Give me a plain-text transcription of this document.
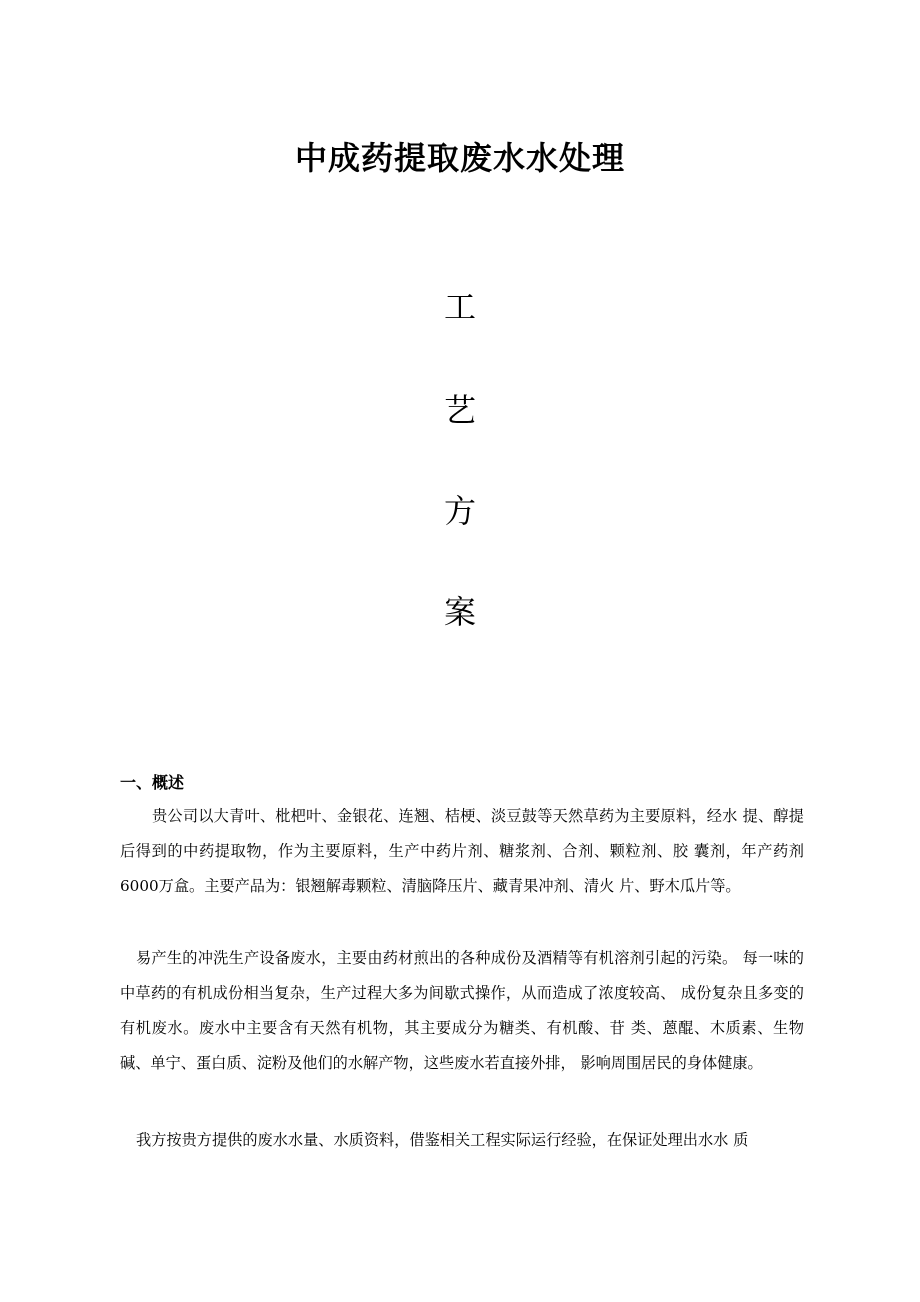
中成药提取废水水处理
工
艺
方
案
一、概述
贵公司以大青叶、枇杷叶、金银花、连翘、桔梗、淡豆鼓等天然草药为主要原料，经水 提、醇提后得到的中药提取物，作为主要原料，生产中药片剂、糖浆剂、合剂、颗粒剂、胶 囊剂，年产药剂6000万盒。主要产品为：银翘解毒颗粒、清脑降压片、藏青果冲剂、清火 片、野木瓜片等。
易产生的冲洗生产设备废水，主要由药材煎出的各种成份及酒精等有机溶剂引起的污染。 每一味的中草药的有机成份相当复杂，生产过程大多为间歇式操作，从而造成了浓度较高、 成份复杂且多变的有机废水。废水中主要含有天然有机物，其主要成分为糖类、有机酸、苷 类、蒽醌、木质素、生物碱、单宁、蛋白质、淀粉及他们的水解产物，这些废水若直接外排， 影响周围居民的身体健康。
我方按贵方提供的废水水量、水质资料，借鉴相关工程实际运行经验，在保证处理出水水 质
